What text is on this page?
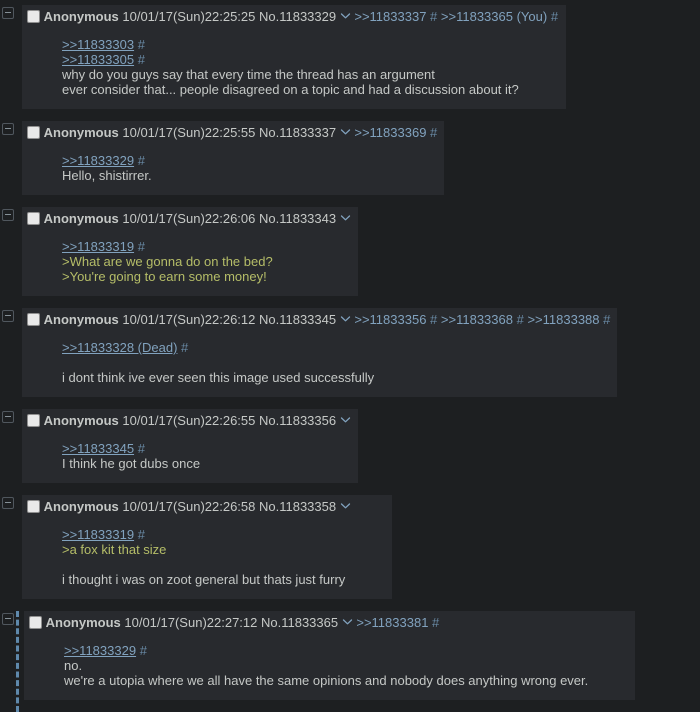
Anonymous 10/01/17(Sun)22:25:25 No.11833329 >>11833337 # >>11833365 (You) #
>>11833303 #
>>11833305 #
why do you guys say that every time the thread has an argument
ever consider that... people disagreed on a topic and had a discussion about it?
Anonymous 10/01/17(Sun)22:25:55 No.11833337 >>11833369 #
>>11833329 #
Hello, shistirrer.
Anonymous 10/01/17(Sun)22:26:06 No.11833343
>>11833319 #
>What are we gonna do on the bed?
>You're going to earn some money!
Anonymous 10/01/17(Sun)22:26:12 No.11833345 >>11833356 # >>11833368 # >>11833388 #
>>11833328 (Dead) #
i dont think ive ever seen this image used successfully
Anonymous 10/01/17(Sun)22:26:55 No.11833356
>>11833345 #
I think he got dubs once
Anonymous 10/01/17(Sun)22:26:58 No.11833358
>>11833319 #
>a fox kit that size
i thought i was on zoot general but thats just furry
Anonymous 10/01/17(Sun)22:27:12 No.11833365 >>11833381 #
>>11833329 #
no.
we're a utopia where we all have the same opinions and nobody does anything wrong ever.
